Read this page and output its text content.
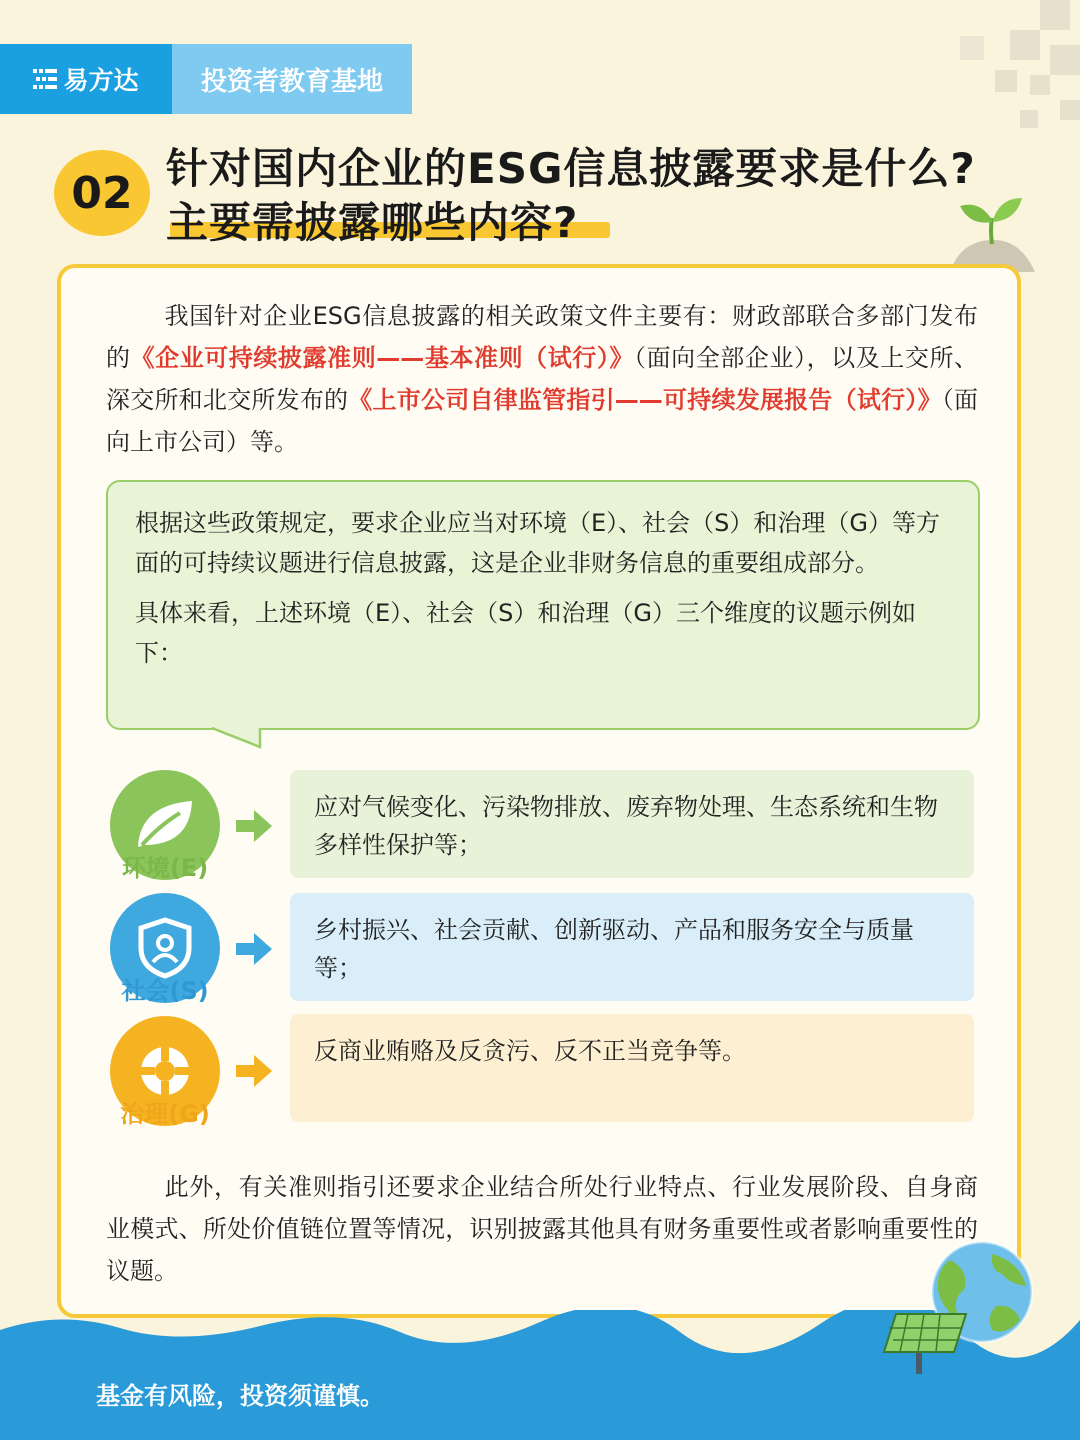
易方达	投资者教育基地
02 针对国内企业的ESG信息披露要求是什么?
主要需披露哪些内容?
我国针对企业ESG信息披露的相关政策文件主要有：财政部联合多部门发布的《企业可持续披露准则——基本准则（试行）》（面向全部企业），以及上交所、深交所和北交所发布的《上市公司自律监管指引——可持续发展报告（试行）》（面向上市公司）等。

根据这些政策规定，要求企业应当对环境（E）、社会（S）和治理（G）等方面的可持续议题进行信息披露，这是企业非财务信息的重要组成部分。

具体来看，上述环境（E）、社会（S）和治理（G）三个维度的议题示例如下：

环境(E)
应对气候变化、污染物排放、废弃物处理、生态系统和生物多样性保护等；
社会(S)
乡村振兴、社会贡献、创新驱动、产品和服务安全与质量等；
治理(G)
反商业贿赂及反贪污、反不正当竞争等。
此外，有关准则指引还要求企业结合所处行业特点、行业发展阶段、自身商业模式、所处价值链位置等情况，识别披露其他具有财务重要性或者影响重要性的议题。
基金有风险，投资须谨慎。
